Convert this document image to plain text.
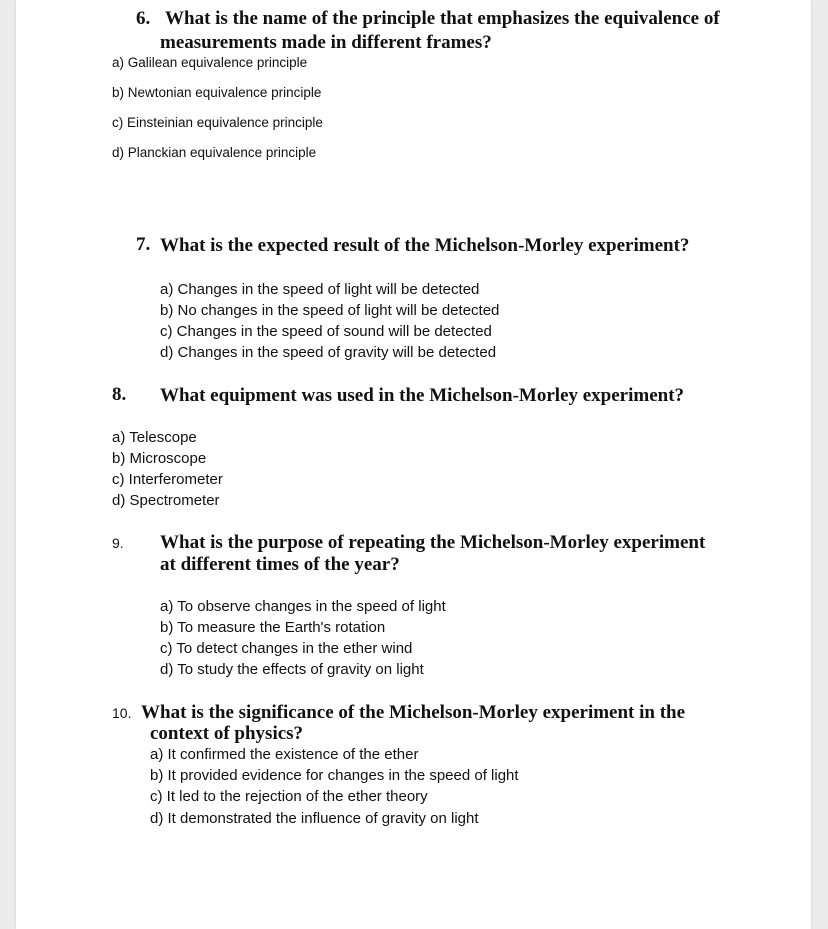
6. What is the name of the principle that emphasizes the equivalence of
measurements made in different frames?
a) Galilean equivalence principle
b) Newtonian equivalence principle
c) Einsteinian equivalence principle
d) Planckian equivalence principle
7. What is the expected result of the Michelson-Morley experiment?
a) Changes in the speed of light will be detected
b) No changes in the speed of light will be detected
c) Changes in the speed of sound will be detected
d) Changes in the speed of gravity will be detected
8. What equipment was used in the Michelson-Morley experiment?
a) Telescope
b) Microscope
c) Interferometer
d) Spectrometer
9. What is the purpose of repeating the Michelson-Morley experiment
at different times of the year?
a) To observe changes in the speed of light
b) To measure the Earth's rotation
c) To detect changes in the ether wind
d) To study the effects of gravity on light
10. What is the significance of the Michelson-Morley experiment in the
context of physics?
a) It confirmed the existence of the ether
b) It provided evidence for changes in the speed of light
c) It led to the rejection of the ether theory
d) It demonstrated the influence of gravity on light
